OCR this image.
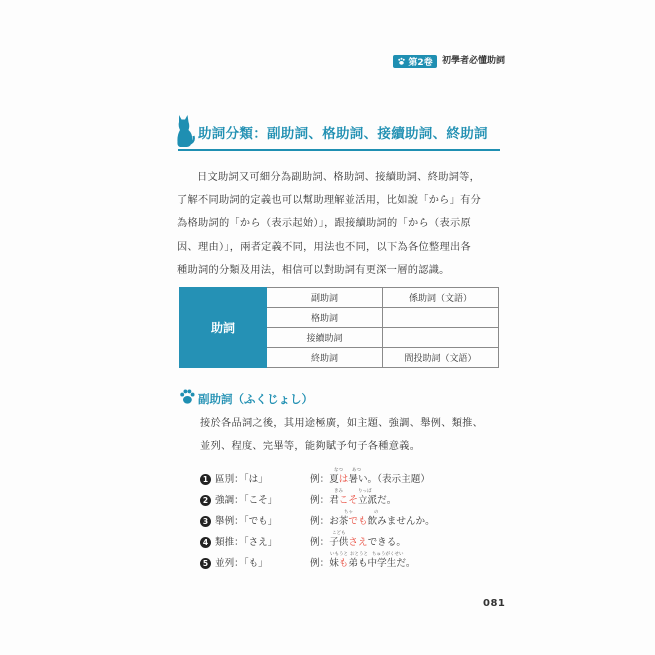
第2卷 初學者必懂助詞
助詞分類：副助詞、格助詞、接續助詞、終助詞

日文助詞又可細分為副助詞、格助詞、接續助詞、終助詞等，
了解不同助詞的定義也可以幫助理解並活用，比如說「から」有分
為格助詞的「から（表示起始）」，跟接續助詞的「から（表示原
因、理由）」，兩者定義不同，用法也不同，以下為各位整理出各
種助詞的分類及用法，相信可以對助詞有更深一層的認識。

助詞	副助詞	係助詞（文語）
	格助詞	
	接續助詞	
	終助詞	間投助詞（文語）
副助詞（ふくじょし）

接於各品詞之後，其用途極廣，如主題、強調、舉例、類推、
並列、程度、完畢等，能夠賦予句子各種意義。

1 區別：「は」	例：夏は暑い。（表示主題）
なつ あつ
2 強調：「こそ」	例：君こそ立派だ。
きみ	りっぱ
3 舉例：「でも」	例：お茶でも飲みませんか。
ちゃ	の
4 類推：「さえ」	例：子供さえできる。
こども
5 並列：「も」	例：妹も弟も中学生だ。
いもうと おとうと ちゅうがくせい
081
